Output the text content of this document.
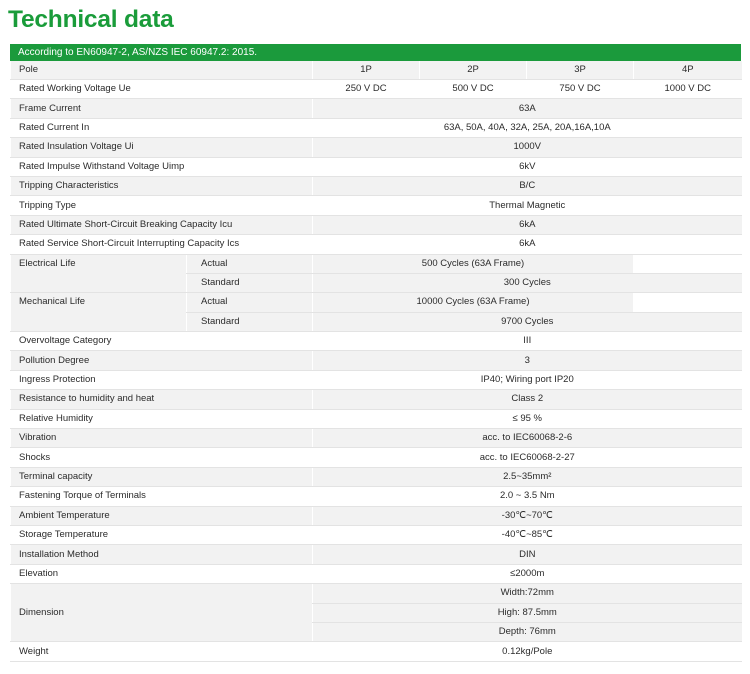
Technical data
According to EN60947-2, AS/NZS IEC 60947.2: 2015.
Pole		1P	2P	3P	4P
Rated Working Voltage Ue		250 V DC	500 V DC	750 V DC	1000 V DC
Frame Current		63A			
Rated Current In		63A, 50A, 40A, 32A, 25A, 20A,16A,10A			
Rated Insulation Voltage Ui		1000V			
Rated Impulse Withstand Voltage Uimp		6kV			
Tripping Characteristics		B/C			
Tripping Type		Thermal Magnetic			
Rated Ultimate Short-Circuit Breaking Capacity Icu		6kA			
Rated Service Short-Circuit Interrupting Capacity Ics		6kA			
Electrical Life	Actual	500 Cycles (63A Frame)			
	Standard	300 Cycles			
Mechanical Life	Actual	10000 Cycles (63A Frame)			
	Standard	9700 Cycles			
Overvoltage Category		III			
Pollution Degree		3			
Ingress Protection		IP40; Wiring port IP20			
Resistance to humidity and heat		Class 2			
Relative Humidity		≤ 95 %			
Vibration		acc. to IEC60068-2-6			
Shocks		acc. to IEC60068-2-27			
Terminal capacity		2.5~35mm²			
Fastening Torque of Terminals		2.0 ~ 3.5 Nm			
Ambient Temperature		-30℃~70℃			
Storage Temperature		-40℃~85℃			
Installation Method		DIN			
Elevation		≤2000m			
Dimension		Width:72mm			
		High: 87.5mm			
		Depth: 76mm			
Weight		0.12kg/Pole			
